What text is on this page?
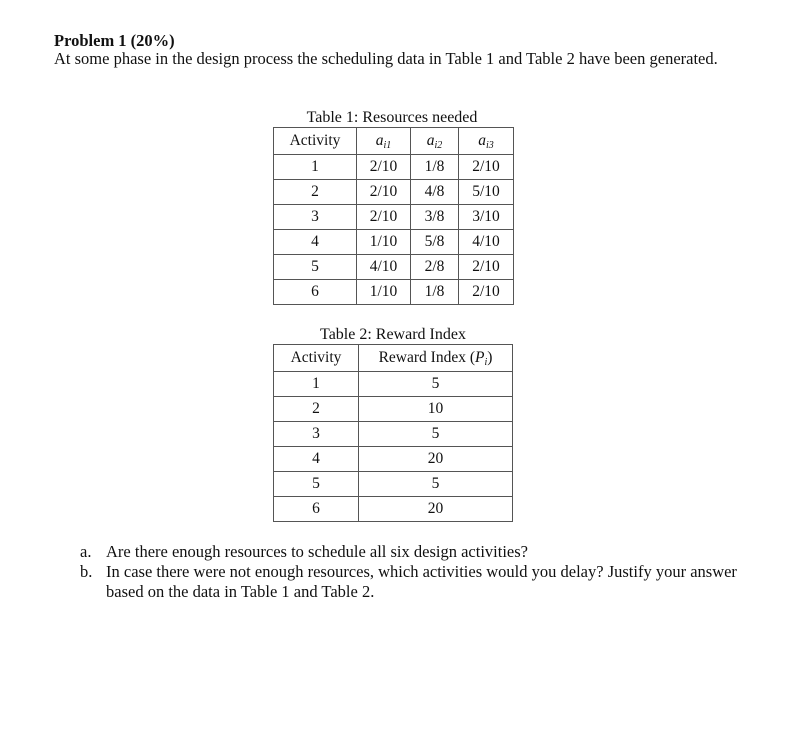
Problem 1 (20%)
At some phase in the design process the scheduling data in Table 1 and Table 2 have been generated.
Table 1: Resources needed
Activity	$a_{i1}$	$a_{i2}$	$a_{i3}$
1	2/10	1/8	2/10
2	2/10	4/8	5/10
3	2/10	3/8	3/10
4	1/10	5/8	4/10
5	4/10	2/8	2/10
6	1/10	1/8	2/10
Table 2: Reward Index
Activity	Reward Index $(P_i)$
1	5
2	10
3	5
4	20
5	5
6	20
a. Are there enough resources to schedule all six design activities?
b. In case there were not enough resources, which activities would you delay? Justify your answer based on the data in Table 1 and Table 2.
